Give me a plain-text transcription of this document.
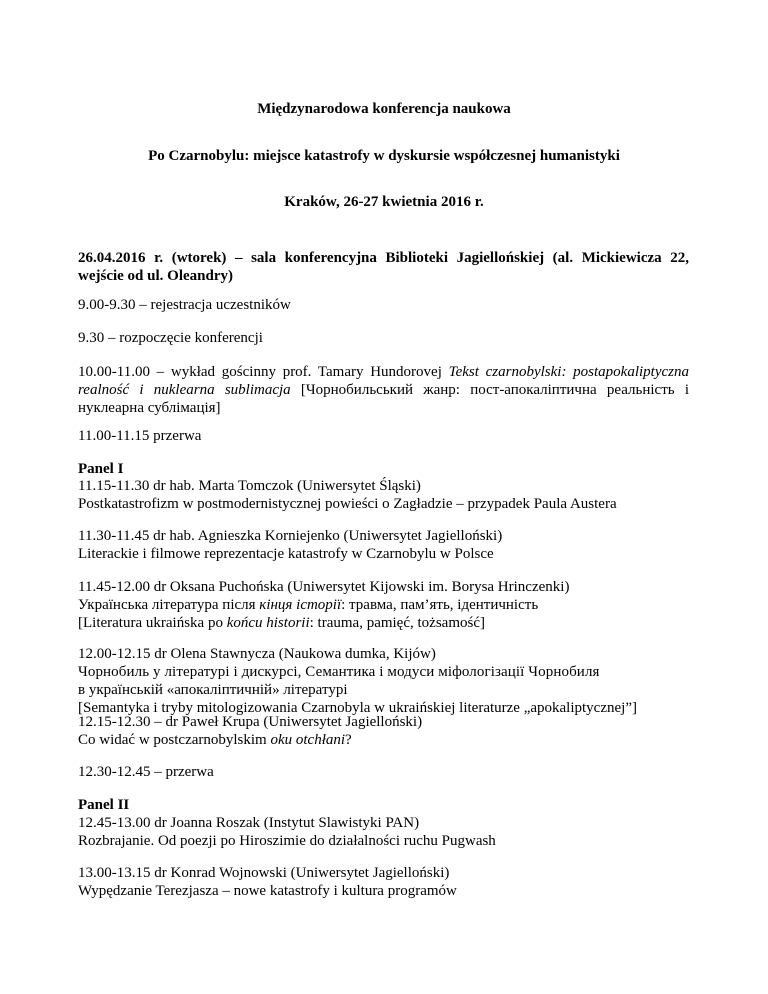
Międzynarodowa konferencja naukowa
Po Czarnobylu: miejsce katastrofy w dyskursie współczesnej humanistyki
Kraków, 26-27 kwietnia 2016 r.
26.04.2016 r. (wtorek) – sala konferencyjna Biblioteki Jagiellońskiej (al. Mickiewicza 22, wejście od ul. Oleandry)
9.00-9.30 – rejestracja uczestników
9.30 – rozpoczęcie konferencji
10.00-11.00 – wykład gościnny prof. Tamary Hundorovej Tekst czarnobylski: postapokaliptyczna realność i nuklearna sublimacja [Чорнобильський жанр: пост-апокаліптична реальність і нуклеарна сублімація]
11.00-11.15 przerwa
Panel I
11.15-11.30 dr hab. Marta Tomczok (Uniwersytet Śląski)
Postkatastrofizm w postmodernistycznej powieści o Zagładzie – przypadek Paula Austera
11.30-11.45 dr hab. Agnieszka Korniejenko (Uniwersytet Jagielloński)
Literackie i filmowe reprezentacje katastrofy w Czarnobylu w Polsce
11.45-12.00 dr Oksana Puchońska (Uniwersytet Kijowski im. Borysa Hrinczenki)
Українська література після кінця історії: травма, пам’ять, ідентичність
[Literatura ukraińska po końcu historii: trauma, pamięć, tożsamość]
12.00-12.15 dr Olena Stawnycza (Naukowa dumka, Kijów)
Чорнобиль у літературі і дискурсі, Семантика і модуси міфологізації Чорнобиля
в українській «апокаліптичній» літературі
[Semantyka i tryby mitologizowania Czarnobyla w ukraińskiej literaturze „apokaliptycznej”]
12.15-12.30 – dr Paweł Krupa (Uniwersytet Jagielloński)
Co widać w postczarnobylskim oku otchłani?
12.30-12.45 – przerwa
Panel II
12.45-13.00 dr Joanna Roszak (Instytut Slawistyki PAN)
Rozbrajanie. Od poezji po Hiroszimie do działalności ruchu Pugwash
13.00-13.15 dr Konrad Wojnowski (Uniwersytet Jagielloński)
Wypędzanie Terezjasza – nowe katastrofy i kultura programów
